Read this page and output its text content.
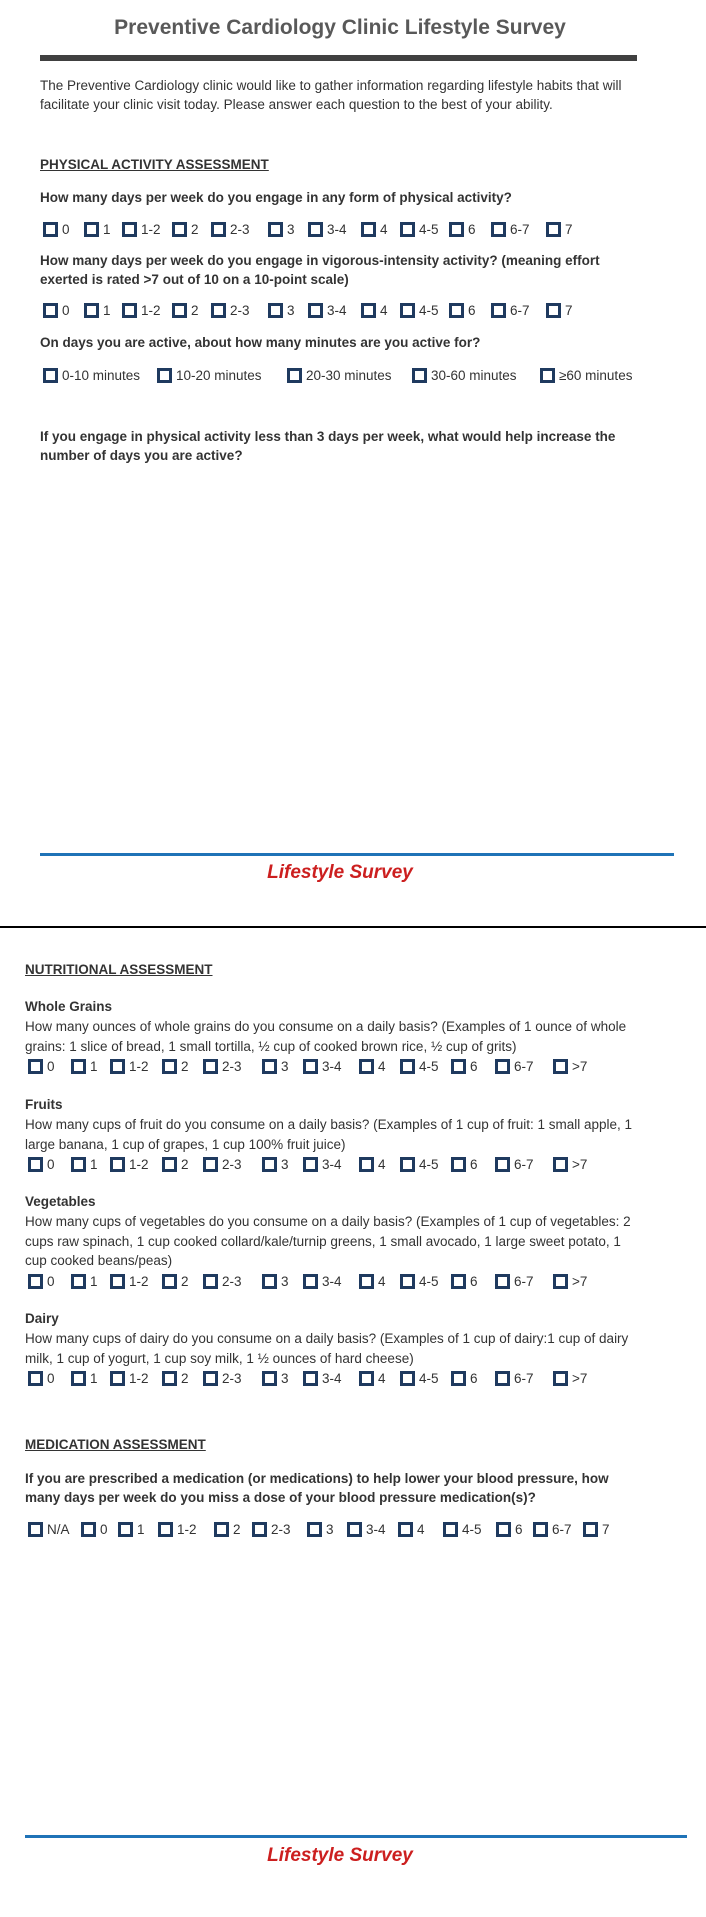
Preventive Cardiology Clinic Lifestyle Survey
The Preventive Cardiology clinic would like to gather information regarding lifestyle habits that will facilitate your clinic visit today. Please answer each question to the best of your ability.
PHYSICAL ACTIVITY ASSESSMENT
How many days per week do you engage in any form of physical activity?
0 1 1-2 2 2-3	3 3-4 4 4-5 6	6-7	7
How many days per week do you engage in vigorous-intensity activity? (meaning effort exerted is rated >7 out of 10 on a 10-point scale)
0 1 1-2 2 2-3	3 3-4 4 4-5 6	6-7	7
On days you are active, about how many minutes are you active for?
0-10 minutes	10-20 minutes	20-30 minutes	30-60 minutes	≥60 minutes
If you engage in physical activity less than 3 days per week, what would help increase the number of days you are active?
Lifestyle Survey
NUTRITIONAL ASSESSMENT
Whole Grains
How many ounces of whole grains do you consume on a daily basis? (Examples of 1 ounce of whole grains: 1 slice of bread, 1 small tortilla, ½ cup of cooked brown rice, ½ cup of grits)
0	1 1-2 2 2-3	3 3-4	4 4-5 6	6-7	>7
Fruits
How many cups of fruit do you consume on a daily basis? (Examples of 1 cup of fruit: 1 small apple, 1 large banana, 1 cup of grapes, 1 cup 100% fruit juice)
0	1 1-2 2 2-3	3 3-4	4 4-5 6	6-7	>7
Vegetables
How many cups of vegetables do you consume on a daily basis? (Examples of 1 cup of vegetables: 2 cups raw spinach, 1 cup cooked collard/kale/turnip greens, 1 small avocado, 1 large sweet potato, 1 cup cooked beans/peas)
0	1 1-2 2 2-3	3 3-4	4 4-5 6	6-7	>7
Dairy
How many cups of dairy do you consume on a daily basis? (Examples of 1 cup of dairy:1 cup of dairy milk, 1 cup of yogurt, 1 cup soy milk, 1 ½ ounces of hard cheese)
0	1 1-2 2 2-3	3 3-4	4 4-5 6	6-7	>7
MEDICATION ASSESSMENT
If you are prescribed a medication (or medications) to help lower your blood pressure, how many days per week do you miss a dose of your blood pressure medication(s)?
N/A 0 1 1-2	2 2-3	3 3-4 4	4-5 6 6-7 7
Lifestyle Survey
